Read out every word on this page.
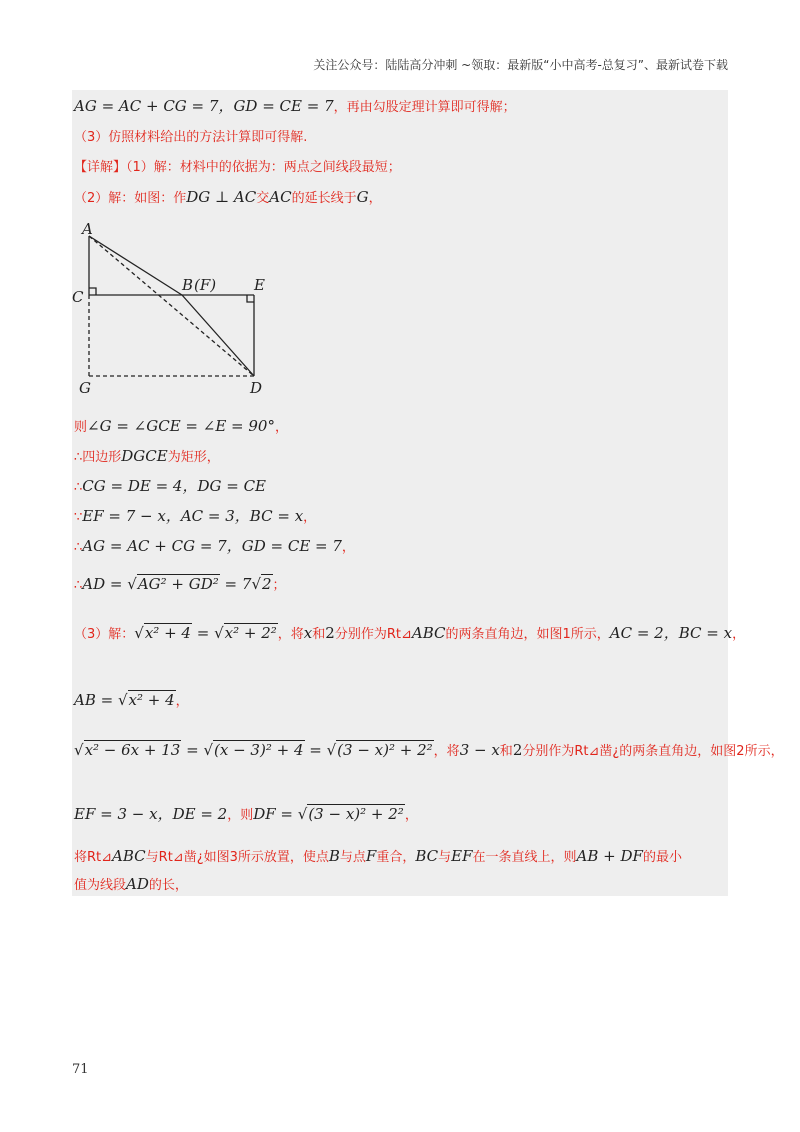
关注公众号：陆陆高分冲刺 ~领取：最新版“小中高考-总复习”、最新试卷下载
AG = AC + CG = 7，GD = CE = 7，再由勾股定理计算即可得解；
（3）仿照材料给出的方法计算即可得解.
【详解】（1）解：材料中的依据为：两点之间线段最短；
（2）解：如图：作DG ⊥ AC交AC的延长线于G，
A
C
G
B (F)	E
D
则∠G = ∠GCE = ∠E = 90°，
∴四边形DGCE为矩形，
∴CG = DE = 4，DG = CE
∵EF = 7 − x，AC = 3，BC = x，
∴AG = AC + CG = 7，GD = CE = 7，
∴AD = √AG² + GD² = 7√2；
（3）解：√x² + 4 = √x² + 2²，将x和2分别作为Rt⊿ABC的两条直角边，如图1所示，AC = 2，BC = x，
AB = √x² + 4，
√x² − 6x + 13 = √(x − 3)² + 4 = √(3 − x)² + 2²，将3 − x和2分别作为Rt⊿凿¿的两条直角边，如图2所示，
EF = 3 − x，DE = 2，则DF = √(3 − x)² + 2²，
将Rt⊿ABC与Rt⊿凿¿如图3所示放置，使点B与点F重合，BC与EF在一条直线上，则AB + DF的最小
值为线段AD的长，
71
